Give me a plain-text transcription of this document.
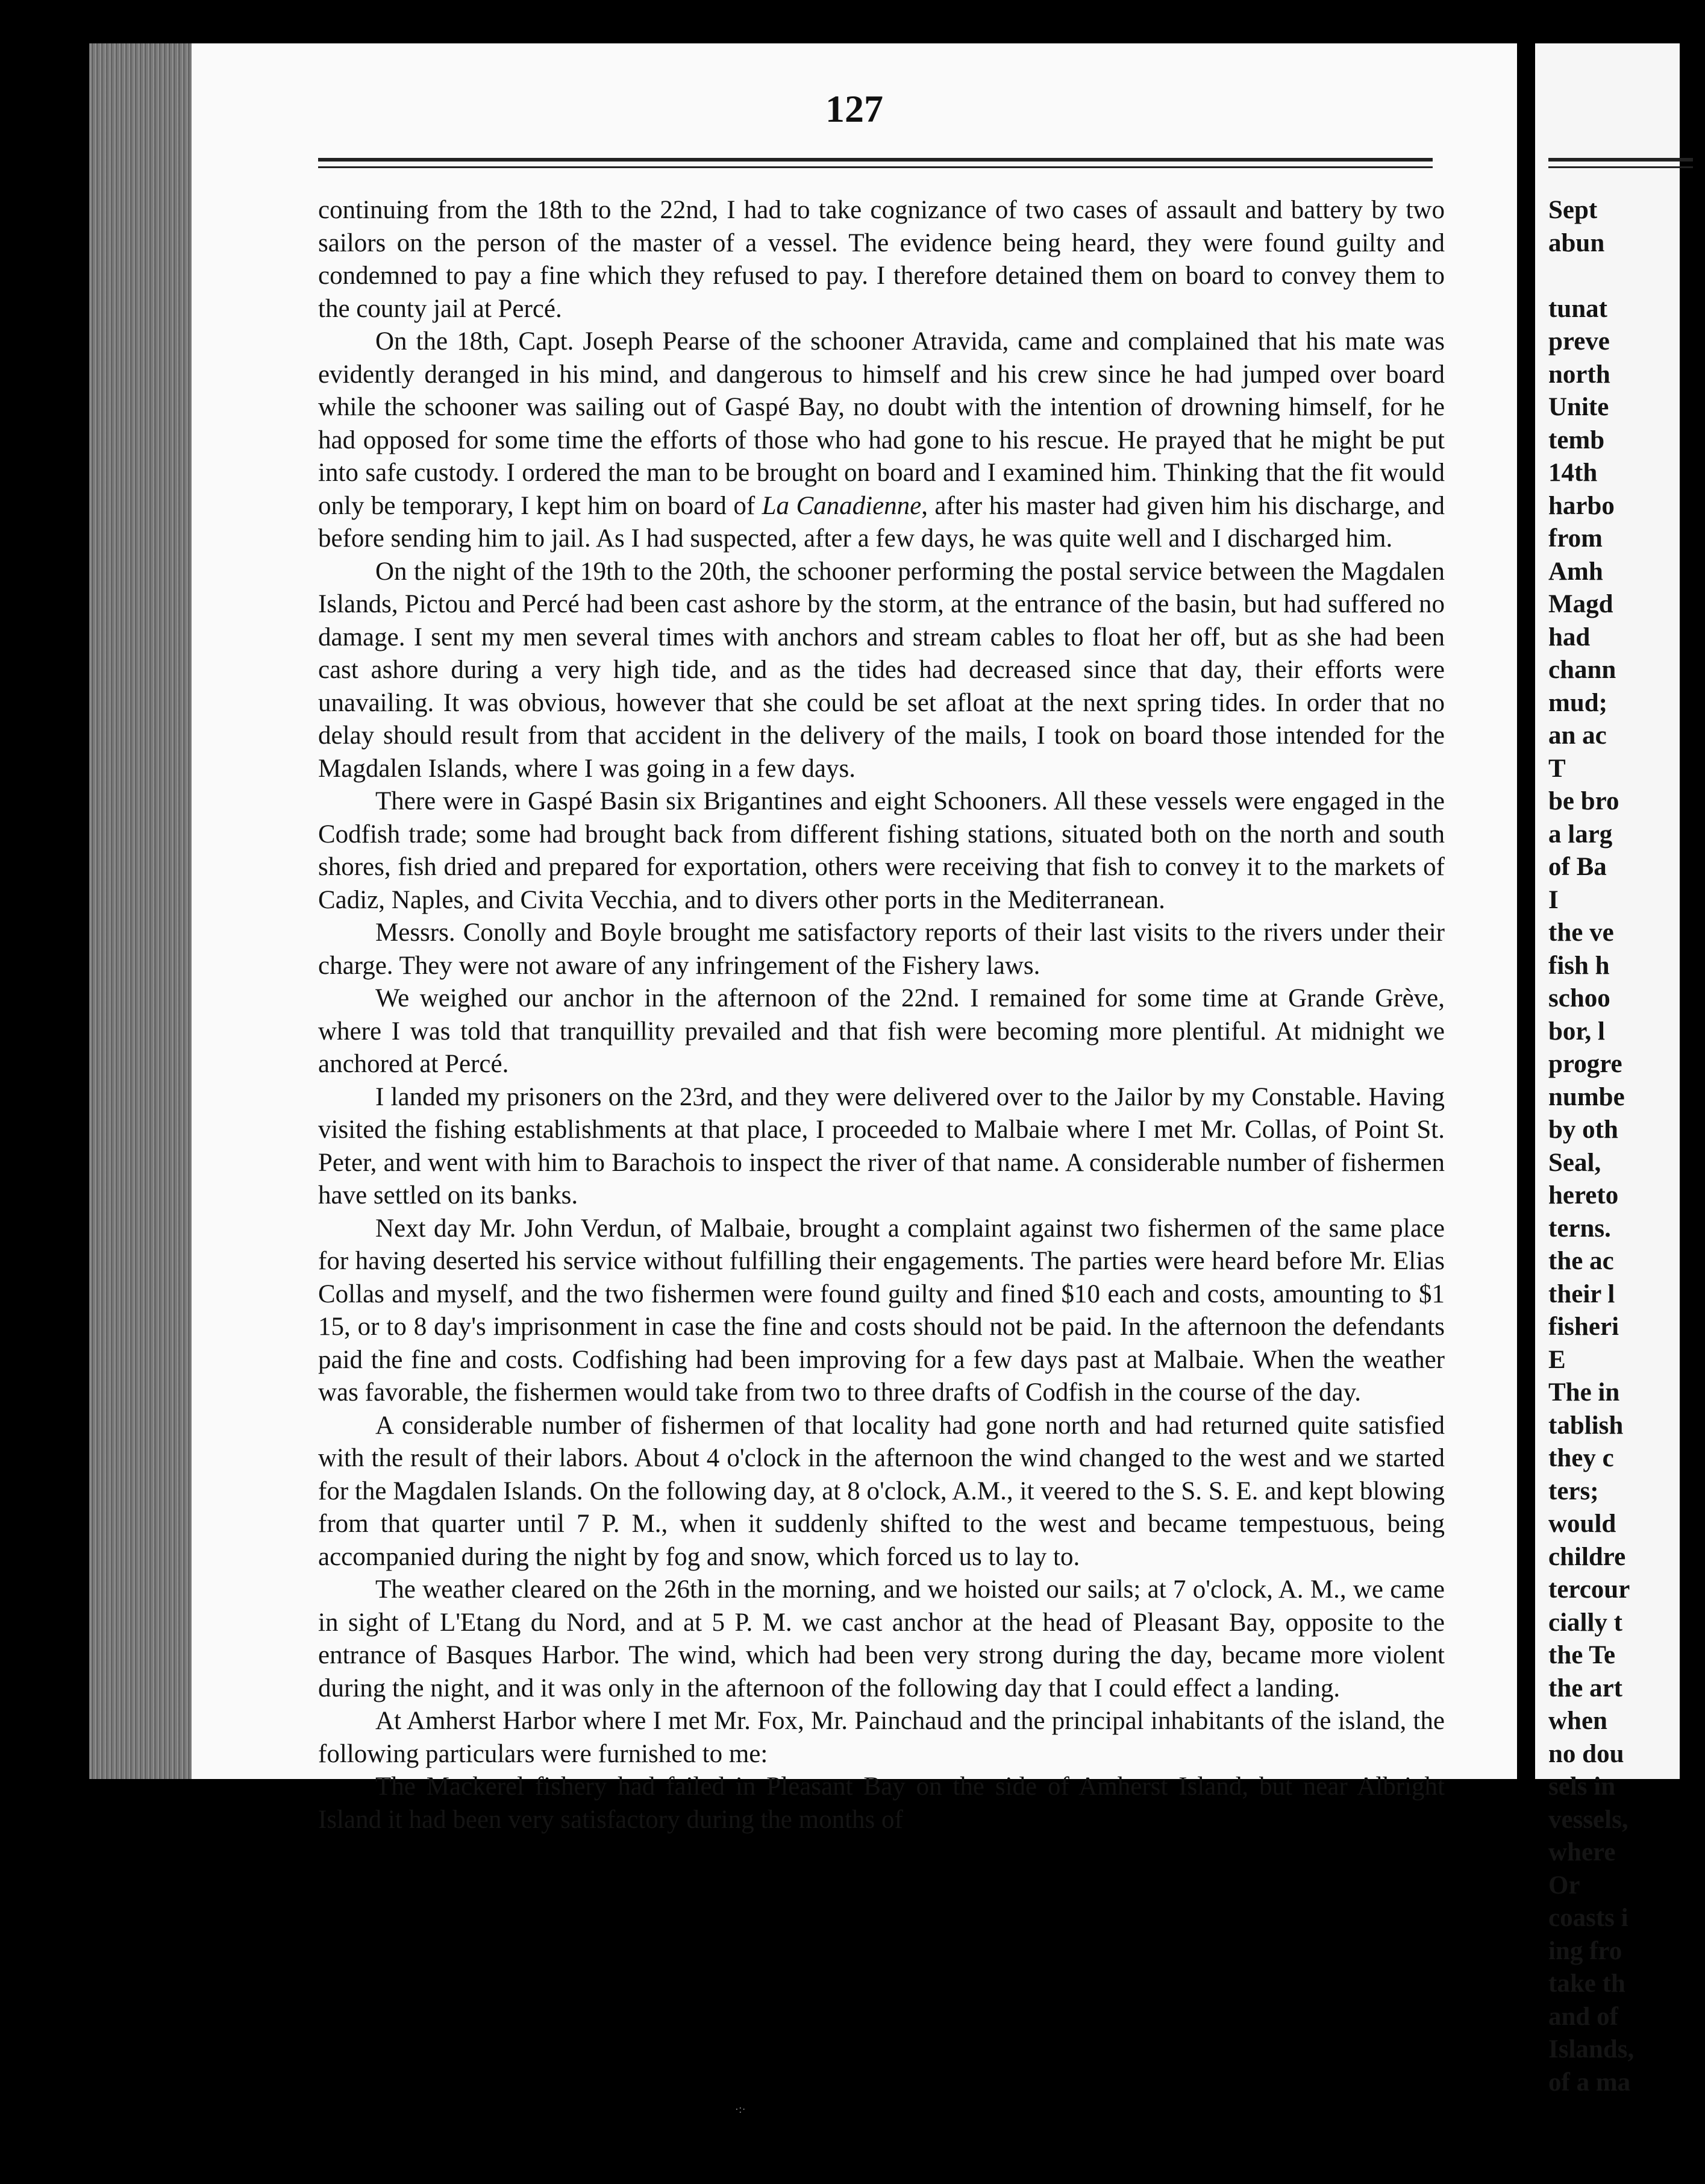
127

continuing from the 18th to the 22nd, I had to take cognizance of two cases of assault and battery by two sailors on the person of the master of a vessel. The evidence being heard, they were found guilty and condemned to pay a fine which they refused to pay. I therefore detained them on board to convey them to the county jail at Percé.

On the 18th, Capt. Joseph Pearse of the schooner Atravida, came and complained that his mate was evidently deranged in his mind, and dangerous to himself and his crew since he had jumped over board while the schooner was sailing out of Gaspé Bay, no doubt with the intention of drowning himself, for he had opposed for some time the efforts of those who had gone to his rescue. He prayed that he might be put into safe custody. I ordered the man to be brought on board and I examined him. Thinking that the fit would only be temporary, I kept him on board of La Canadienne, after his master had given him his discharge, and before sending him to jail. As I had suspected, after a few days, he was quite well and I discharged him.

On the night of the 19th to the 20th, the schooner performing the postal service between the Magdalen Islands, Pictou and Percé had been cast ashore by the storm, at the entrance of the basin, but had suffered no damage. I sent my men several times with anchors and stream cables to float her off, but as she had been cast ashore during a very high tide, and as the tides had decreased since that day, their efforts were unavailing. It was obvious, however that she could be set afloat at the next spring tides. In order that no delay should result from that accident in the delivery of the mails, I took on board those intended for the Magdalen Islands, where I was going in a few days.

There were in Gaspé Basin six Brigantines and eight Schooners. All these vessels were engaged in the Codfish trade; some had brought back from different fishing stations, situated both on the north and south shores, fish dried and prepared for exportation, others were receiving that fish to convey it to the markets of Cadiz, Naples, and Civita Vecchia, and to divers other ports in the Mediterranean.

Messrs. Conolly and Boyle brought me satisfactory reports of their last visits to the rivers under their charge. They were not aware of any infringement of the Fishery laws.

We weighed our anchor in the afternoon of the 22nd. I remained for some time at Grande Grève, where I was told that tranquillity prevailed and that fish were becoming more plentiful. At midnight we anchored at Percé.

I landed my prisoners on the 23rd, and they were delivered over to the Jailor by my Constable. Having visited the fishing establishments at that place, I proceeded to Malbaie where I met Mr. Collas, of Point St. Peter, and went with him to Barachois to inspect the river of that name. A considerable number of fishermen have settled on its banks.

Next day Mr. John Verdun, of Malbaie, brought a complaint against two fishermen of the same place for having deserted his service without fulfilling their engagements. The parties were heard before Mr. Elias Collas and myself, and the two fishermen were found guilty and fined $10 each and costs, amounting to $1 15, or to 8 day's imprisonment in case the fine and costs should not be paid. In the afternoon the defendants paid the fine and costs. Codfishing had been improving for a few days past at Malbaie. When the weather was favorable, the fishermen would take from two to three drafts of Codfish in the course of the day.

A considerable number of fishermen of that locality had gone north and had returned quite satisfied with the result of their labors. About 4 o'clock in the afternoon the wind changed to the west and we started for the Magdalen Islands. On the following day, at 8 o'clock, A.M., it veered to the S. S. E. and kept blowing from that quarter until 7 P. M., when it suddenly shifted to the west and became tempestuous, being accompanied during the night by fog and snow, which forced us to lay to.

The weather cleared on the 26th in the morning, and we hoisted our sails; at 7 o'clock, A. M., we came in sight of L'Etang du Nord, and at 5 P. M. we cast anchor at the head of Pleasant Bay, opposite to the entrance of Basques Harbor. The wind, which had been very strong during the day, became more violent during the night, and it was only in the afternoon of the following day that I could effect a landing.

At Amherst Harbor where I met Mr. Fox, Mr. Painchaud and the principal inhabitants of the island, the following particulars were furnished to me:

The Mackerel fishery had failed in Pleasant Bay on the side of Amherst Island, but near Albright Island it had been very satisfactory during the months of

Sept
abun

tunat
preve
north
Unite
temb
14th
harbo
from
Amh
Magd
had
chann
mud;
an ac
T
be bro
a larg
of Ba
I
the ve
fish h
schoo
bor, l
progre
numbe
by oth
Seal,
hereto
terns.
the ac
their l
fisheri
E
The in
tablish
they c
ters;
would
childre
tercour
cially t
the Te
the art
when
no dou
sels in
vessels,
where
Or
coasts i
ing fro
take th
and of
Islands,
of a ma
·:·
